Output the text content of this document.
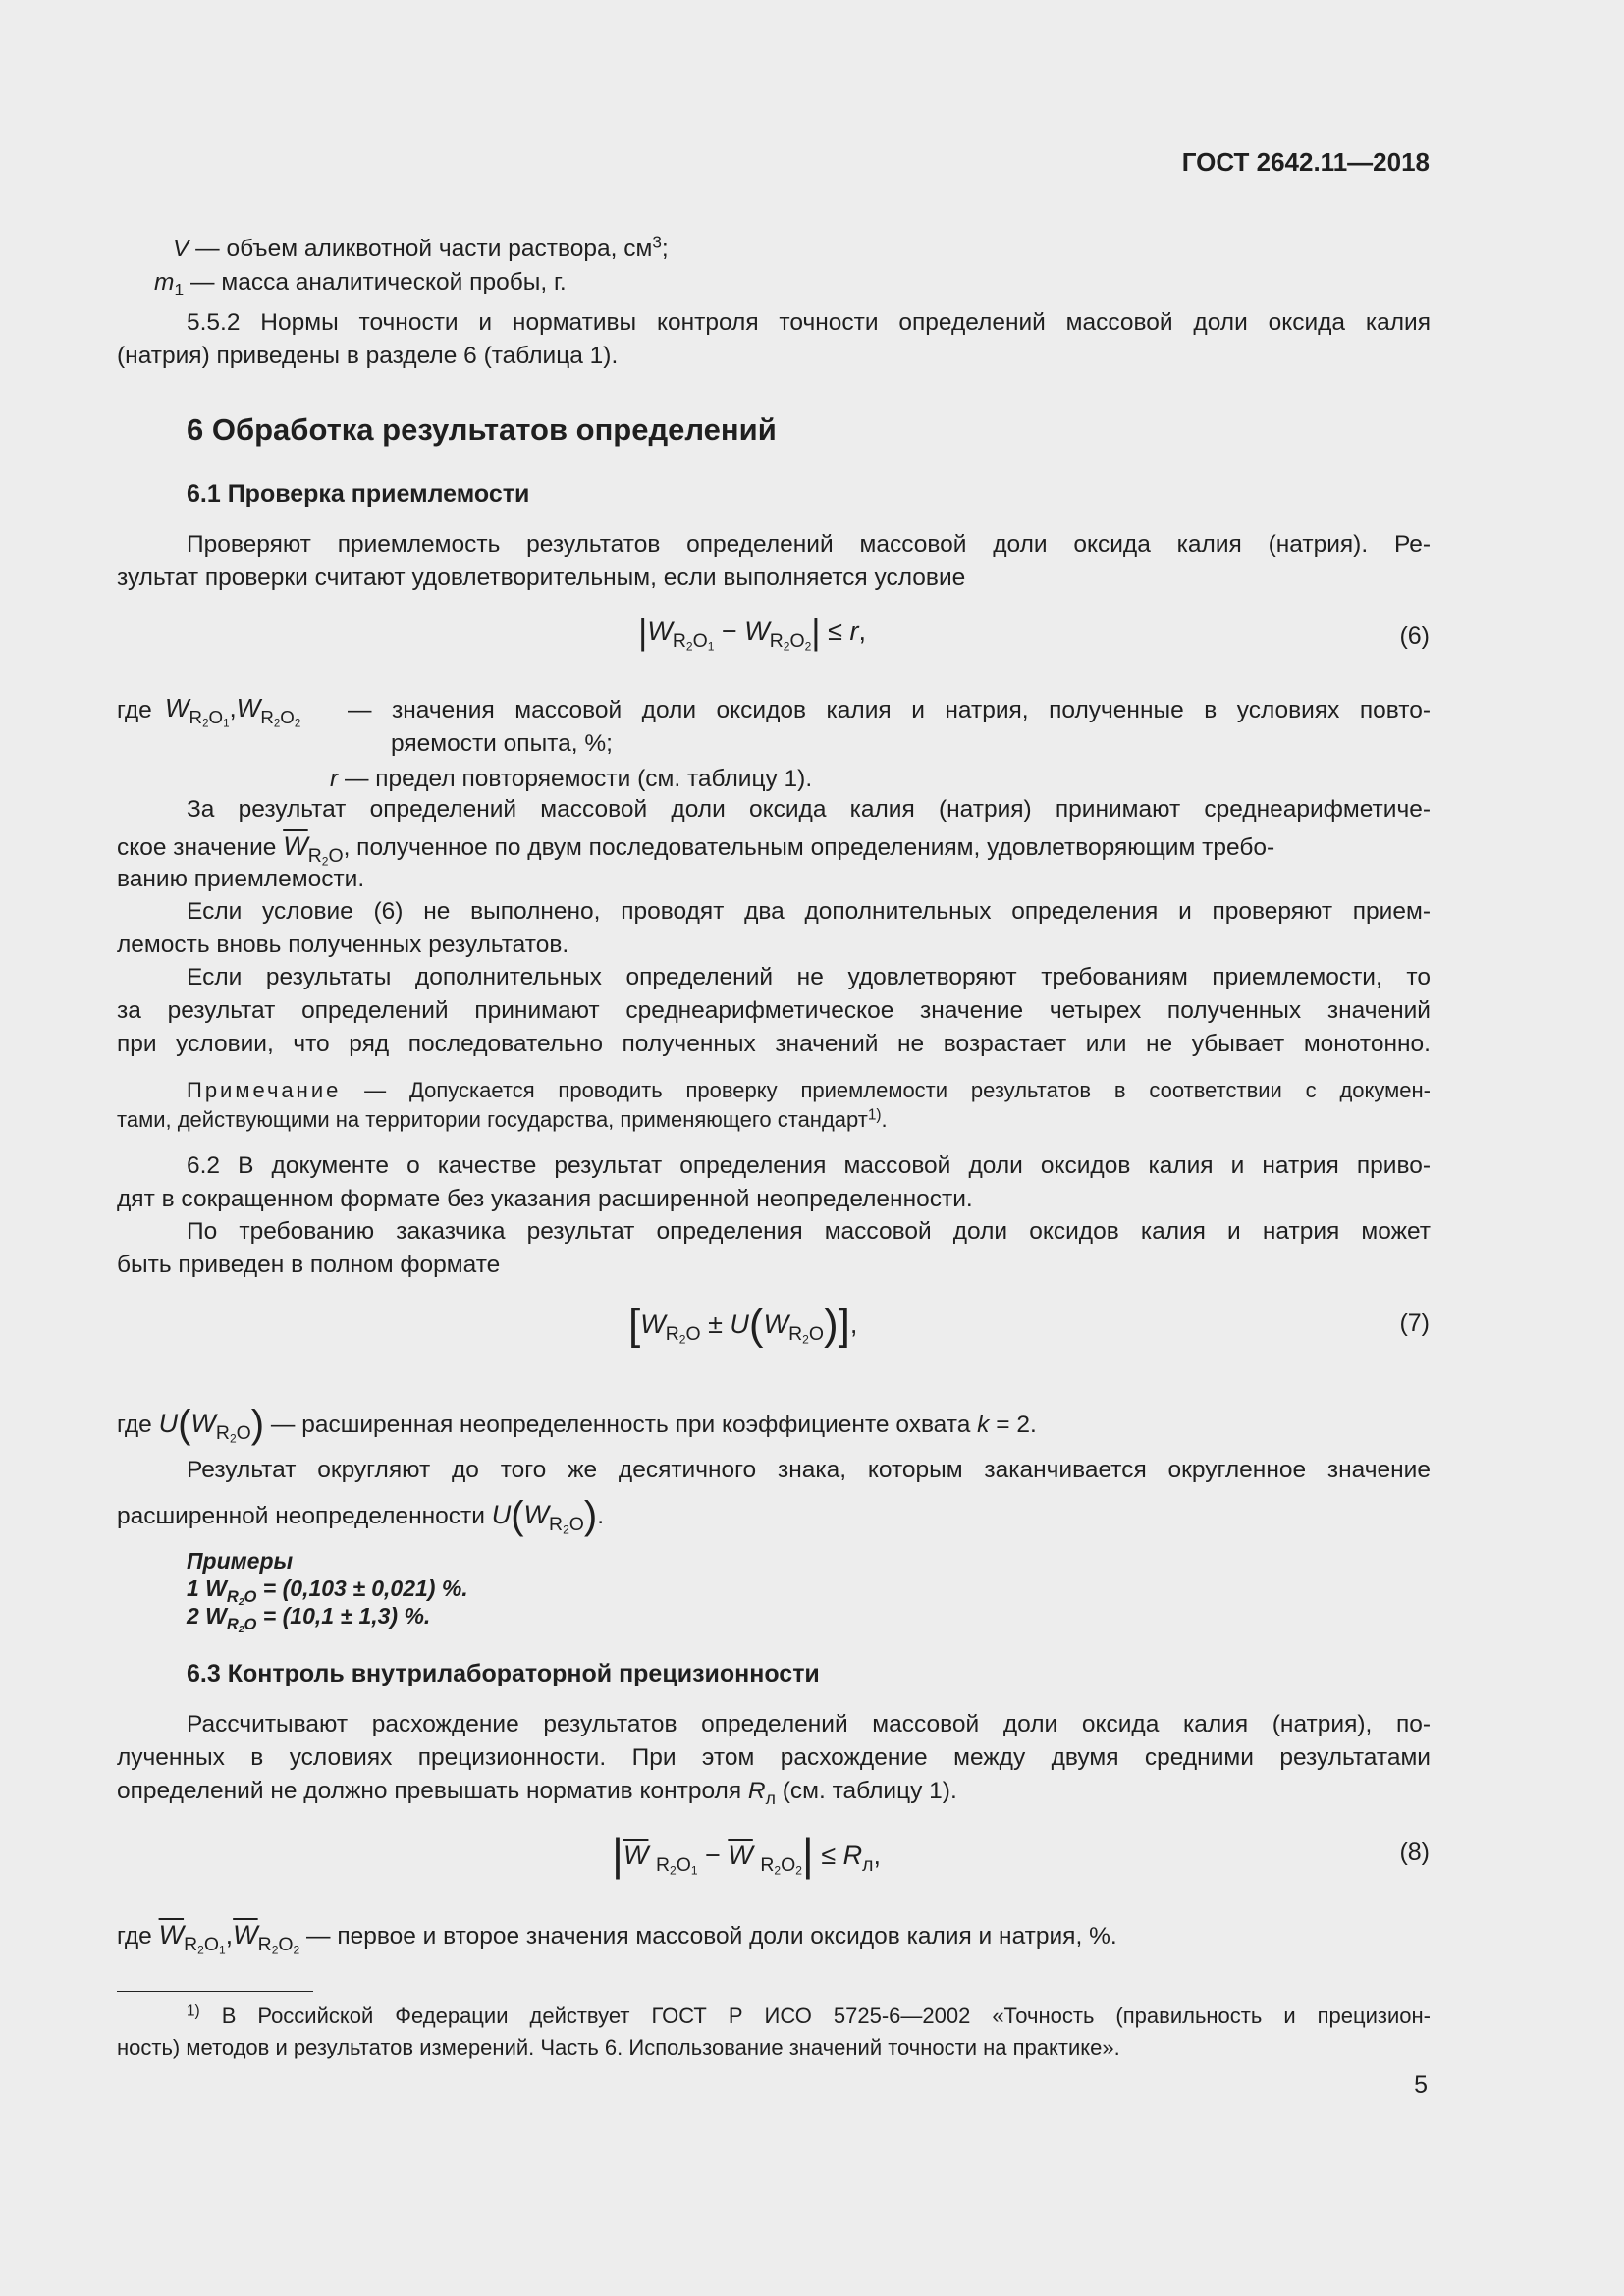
ГОСТ 2642.11—2018
V — объем аликвотной части раствора, $см^3$;
$m_1$ — масса аналитической пробы, г.
5.5.2 Нормы точности и нормативы контроля точности определений массовой доли оксида калия
(натрия) приведены в разделе 6 (таблица 1).
6 Обработка результатов определений
6.1 Проверка приемлемости
Проверяют приемлемость результатов определений массовой доли оксида калия (натрия). Ре-
зультат проверки считают удовлетворительным, если выполняется условие
$|W_{R2O1} - W_{R2O2}| \le r$,	(6)
где $W_{R2O1},W_{R2O2}$ — значения массовой доли оксидов калия и натрия, полученные в условиях повто-
ряемости опыта, %;
r — предел повторяемости (см. таблицу 1).
За результат определений массовой доли оксида калия (натрия) принимают среднеарифметиче-
ское значение $\overline{W}_{R2O}$, полученное по двум последовательным определениям, удовлетворяющим требо-
ванию приемлемости.
Если условие (6) не выполнено, проводят два дополнительных определения и проверяют прием-
лемость вновь полученных результатов.
Если результаты дополнительных определений не удовлетворяют требованиям приемлемости, то
за результат определений принимают среднеарифметическое значение четырех полученных значений
при условии, что ряд последовательно полученных значений не возрастает или не убывает монотонно.
Примечание — Допускается проводить проверку приемлемости результатов в соответствии с докумен-
тами, действующими на территории государства, применяющего стандарт$^{1)}$.
6.2 В документе о качестве результат определения массовой доли оксидов калия и натрия приво-
дят в сокращенном формате без указания расширенной неопределенности.
По требованию заказчика результат определения массовой доли оксидов калия и натрия может
быть приведен в полном формате
$[W_{R2O} \pm U(W_{R2O})]$,	(7)
где $U(W_{R2O})$ — расширенная неопределенность при коэффициенте охвата k = 2.
Результат округляют до того же десятичного знака, которым заканчивается округленное значение
расширенной неопределенности $U(W_{R2O})$.
Примеры
1 $W_{R2O} = (0,103 \pm 0,021)$ %.
2 $W_{R2O} = (10,1 \pm 1,3)$ %.
6.3 Контроль внутрилабораторной прецизионности
Рассчитывают расхождение результатов определений массовой доли оксида калия (натрия), по-
лученных в условиях прецизионности. При этом расхождение между двумя средними результатами
определений не должно превышать норматив контроля $R_л$ (см. таблицу 1).
$|\overline{W}$ $_{R2O1} - \overline{W}$ $_{R2O2}| \le R_л$,	(8)
где $\overline{W}_{R2O1},\overline{W}_{R2O2}$ — первое и второе значения массовой доли оксидов калия и натрия, %.
$^{1)}$ В Российской Федерации действует ГОСТ Р ИСО 5725-6—2002 «Точность (правильность и прецизион-
ность) методов и результатов измерений. Часть 6. Использование значений точности на практике».
5
